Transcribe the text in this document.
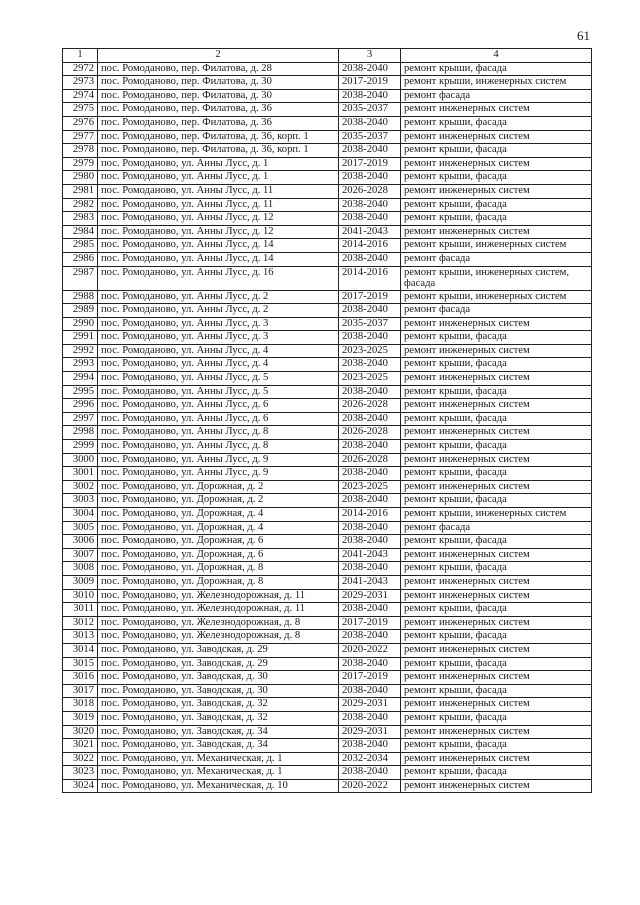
61
1	2	3	4
2972	пос. Ромоданово, пер. Филатова, д. 28	2038-2040	ремонт крыши, фасада
2973	пос. Ромоданово, пер. Филатова, д. 30	2017-2019	ремонт крыши, инженерных систем
2974	пос. Ромоданово, пер. Филатова, д. 30	2038-2040	ремонт фасада
2975	пос. Ромоданово, пер. Филатова, д. 36	2035-2037	ремонт инженерных систем
2976	пос. Ромоданово, пер. Филатова, д. 36	2038-2040	ремонт крыши, фасада
2977	пос. Ромоданово, пер. Филатова, д. 36, корп. 1	2035-2037	ремонт инженерных систем
2978	пос. Ромоданово, пер. Филатова, д. 36, корп. 1	2038-2040	ремонт крыши, фасада
2979	пос. Ромоданово, ул. Анны Лусс, д. 1	2017-2019	ремонт инженерных систем
2980	пос. Ромоданово, ул. Анны Лусс, д. 1	2038-2040	ремонт крыши, фасада
2981	пос. Ромоданово, ул. Анны Лусс, д. 11	2026-2028	ремонт инженерных систем
2982	пос. Ромоданово, ул. Анны Лусс, д. 11	2038-2040	ремонт крыши, фасада
2983	пос. Ромоданово, ул. Анны Лусс, д. 12	2038-2040	ремонт крыши, фасада
2984	пос. Ромоданово, ул. Анны Лусс, д. 12	2041-2043	ремонт инженерных систем
2985	пос. Ромоданово, ул. Анны Лусс, д. 14	2014-2016	ремонт крыши, инженерных систем
2986	пос. Ромоданово, ул. Анны Лусс, д. 14	2038-2040	ремонт фасада
2987	пос. Ромоданово, ул. Анны Лусс, д. 16	2014-2016	ремонт крыши, инженерных систем, фасада
2988	пос. Ромоданово, ул. Анны Лусс, д. 2	2017-2019	ремонт крыши, инженерных систем
2989	пос. Ромоданово, ул. Анны Лусс, д. 2	2038-2040	ремонт фасада
2990	пос. Ромоданово, ул. Анны Лусс, д. 3	2035-2037	ремонт инженерных систем
2991	пос. Ромоданово, ул. Анны Лусс, д. 3	2038-2040	ремонт крыши, фасада
2992	пос. Ромоданово, ул. Анны Лусс, д. 4	2023-2025	ремонт инженерных систем
2993	пос. Ромоданово, ул. Анны Лусс, д. 4	2038-2040	ремонт крыши, фасада
2994	пос. Ромоданово, ул. Анны Лусс, д. 5	2023-2025	ремонт инженерных систем
2995	пос. Ромоданово, ул. Анны Лусс, д. 5	2038-2040	ремонт крыши, фасада
2996	пос. Ромоданово, ул. Анны Лусс, д. 6	2026-2028	ремонт инженерных систем
2997	пос. Ромоданово, ул. Анны Лусс, д. 6	2038-2040	ремонт крыши, фасада
2998	пос. Ромоданово, ул. Анны Лусс, д. 8	2026-2028	ремонт инженерных систем
2999	пос. Ромоданово, ул. Анны Лусс, д. 8	2038-2040	ремонт крыши, фасада
3000	пос. Ромоданово, ул. Анны Лусс, д. 9	2026-2028	ремонт инженерных систем
3001	пос. Ромоданово, ул. Анны Лусс, д. 9	2038-2040	ремонт крыши, фасада
3002	пос. Ромоданово, ул. Дорожная, д. 2	2023-2025	ремонт инженерных систем
3003	пос. Ромоданово, ул. Дорожная, д. 2	2038-2040	ремонт крыши, фасада
3004	пос. Ромоданово, ул. Дорожная, д. 4	2014-2016	ремонт крыши, инженерных систем
3005	пос. Ромоданово, ул. Дорожная, д. 4	2038-2040	ремонт фасада
3006	пос. Ромоданово, ул. Дорожная, д. 6	2038-2040	ремонт крыши, фасада
3007	пос. Ромоданово, ул. Дорожная, д. 6	2041-2043	ремонт инженерных систем
3008	пос. Ромоданово, ул. Дорожная, д. 8	2038-2040	ремонт крыши, фасада
3009	пос. Ромоданово, ул. Дорожная, д. 8	2041-2043	ремонт инженерных систем
3010	пос. Ромоданово, ул. Железнодорожная, д. 11	2029-2031	ремонт инженерных систем
3011	пос. Ромоданово, ул. Железнодорожная, д. 11	2038-2040	ремонт крыши, фасада
3012	пос. Ромоданово, ул. Железнодорожная, д. 8	2017-2019	ремонт инженерных систем
3013	пос. Ромоданово, ул. Железнодорожная, д. 8	2038-2040	ремонт крыши, фасада
3014	пос. Ромоданово, ул. Заводская, д. 29	2020-2022	ремонт инженерных систем
3015	пос. Ромоданово, ул. Заводская, д. 29	2038-2040	ремонт крыши, фасада
3016	пос. Ромоданово, ул. Заводская, д. 30	2017-2019	ремонт инженерных систем
3017	пос. Ромоданово, ул. Заводская, д. 30	2038-2040	ремонт крыши, фасада
3018	пос. Ромоданово, ул. Заводская, д. 32	2029-2031	ремонт инженерных систем
3019	пос. Ромоданово, ул. Заводская, д. 32	2038-2040	ремонт крыши, фасада
3020	пос. Ромоданово, ул. Заводская, д. 34	2029-2031	ремонт инженерных систем
3021	пос. Ромоданово, ул. Заводская, д. 34	2038-2040	ремонт крыши, фасада
3022	пос. Ромоданово, ул. Механическая, д. 1	2032-2034	ремонт инженерных систем
3023	пос. Ромоданово, ул. Механическая, д. 1	2038-2040	ремонт крыши, фасада
3024	пос. Ромоданово, ул. Механическая, д. 10	2020-2022	ремонт инженерных систем
